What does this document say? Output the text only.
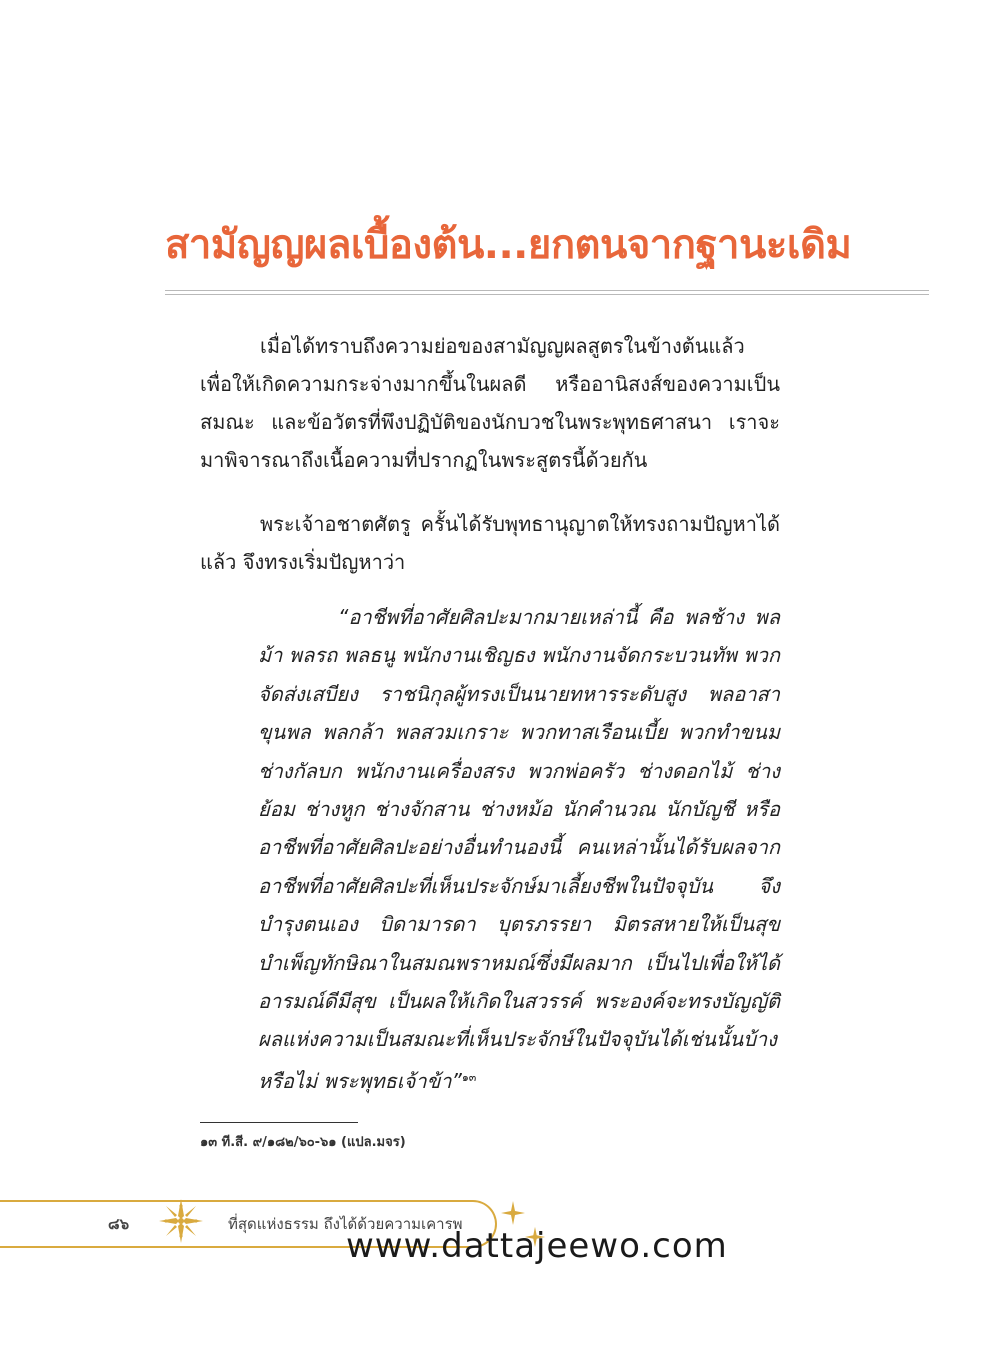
สามัญญผลเบื้องต้น...ยกตนจากฐานะเดิม

เมื่อได้ทราบถึงความย่อของสามัญญผลสูตรในข้างต้นแล้ว เพื่อให้เกิดความกระจ่างมากขึ้นในผลดี หรืออานิสงส์ของความเป็นสมณะ และข้อวัตรที่พึงปฏิบัติของนักบวชในพระพุทธศาสนา เราจะมาพิจารณาถึงเนื้อความที่ปรากฏในพระสูตรนี้ด้วยกัน

พระเจ้าอชาตศัตรู ครั้นได้รับพุทธานุญาตให้ทรงถามปัญหาได้แล้ว จึงทรงเริ่มปัญหาว่า

“อาชีพที่อาศัยศิลปะมากมายเหล่านี้ คือ พลช้าง พลม้า พลรถ พลธนู พนักงานเชิญธง พนักงานจัดกระบวนทัพ พวกจัดส่งเสบียง ราชนิกุลผู้ทรงเป็นนายทหารระดับสูง พลอาสาขุนพล พลกล้า พลสวมเกราะ พวกทาสเรือนเบี้ย พวกทำขนม ช่างกัลบก พนักงานเครื่องสรง พวกพ่อครัว ช่างดอกไม้ ช่างย้อม ช่างหูก ช่างจักสาน ช่างหม้อ นักคำนวณ นักบัญชี หรืออาชีพที่อาศัยศิลปะอย่างอื่นทำนองนี้ คนเหล่านั้นได้รับผลจากอาชีพที่อาศัยศิลปะที่เห็นประจักษ์มาเลี้ยงชีพในปัจจุบัน จึงบำรุงตนเอง บิดามารดา บุตรภรรยา มิตรสหายให้เป็นสุข บำเพ็ญทักษิณาในสมณพราหมณ์ซึ่งมีผลมาก เป็นไปเพื่อให้ได้อารมณ์ดีมีสุข เป็นผลให้เกิดในสวรรค์ พระองค์จะทรงบัญญัติผลแห่งความเป็นสมณะที่เห็นประจักษ์ในปัจจุบันได้เช่นนั้นบ้างหรือไม่ พระพุทธเจ้าข้า”$^{๑๓}$

๑๓ ที.สี. ๙/๑๘๒/๖๐-๖๑ (แปล.มจร)
๘๖	ที่สุดแห่งธรรม ถึงได้ด้วยความเคารพ
www.dattajeewo.com
